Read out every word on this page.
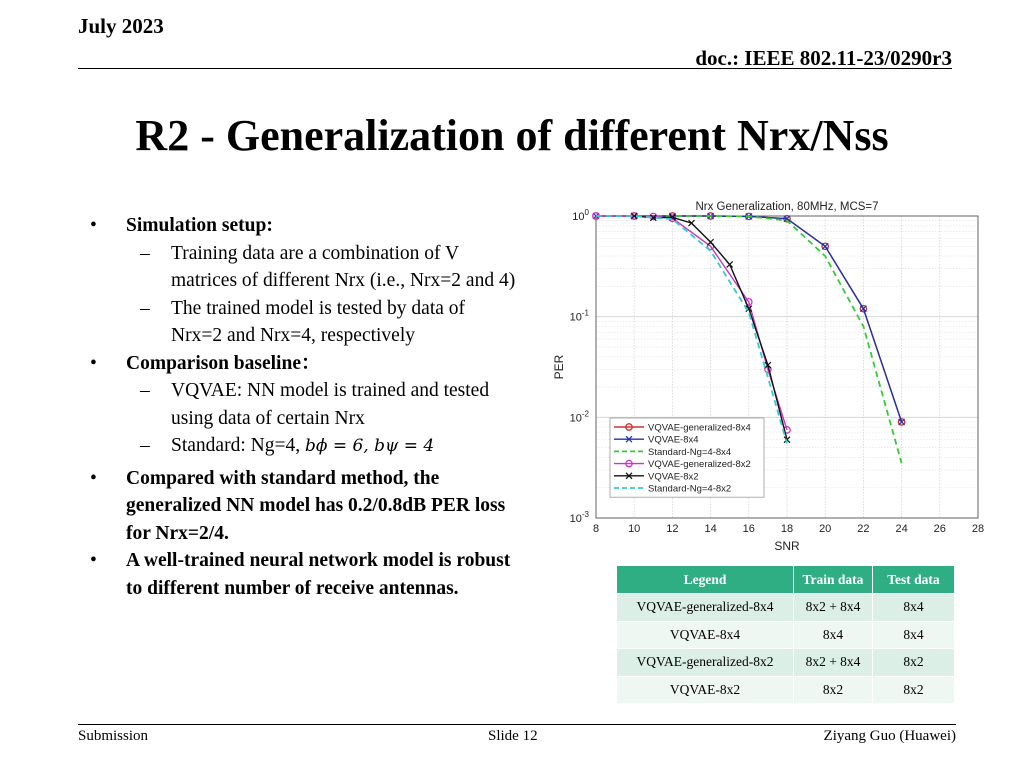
July 2023
doc.: IEEE 802.11-23/0290r3
R2 - Generalization of different Nrx/Nss
• Simulation setup:
– Training data are a combination of V matrices of different Nrx (i.e., Nrx=2 and 4)
– The trained model is tested by data of Nrx=2 and Nrx=4, respectively
• Comparison baseline：
– VQVAE: NN model is trained and tested using data of certain Nrx
– Standard: Ng=4, bϕ = 6, bψ = 4
• Compared with standard method, the generalized NN model has 0.2/0.8dB PER loss for Nrx=2/4.
• A well-trained neural network model is robust to different number of receive antennas.
8	10 12 14 16 18 20 22 24 26 28
$10^{-3}$
$10^{-2}$
$10^{-1}$
$10^0$	Nrx Generalization, 80MHz, MCS=7
SNR
PER
VQVAE-generalized-8x4
VQVAE-8x4
Standard-Ng=4-8x4
VQVAE-generalized-8x2
VQVAE-8x2
Standard-Ng=4-8x2
Legend	Train data	Test data
VQVAE-generalized-8x4	8x2 + 8x4	8x4
VQVAE-8x4	8x4	8x4
VQVAE-generalized-8x2	8x2 + 8x4	8x2
VQVAE-8x2	8x2	8x2
Submission	Slide 12	Ziyang Guo (Huawei)
